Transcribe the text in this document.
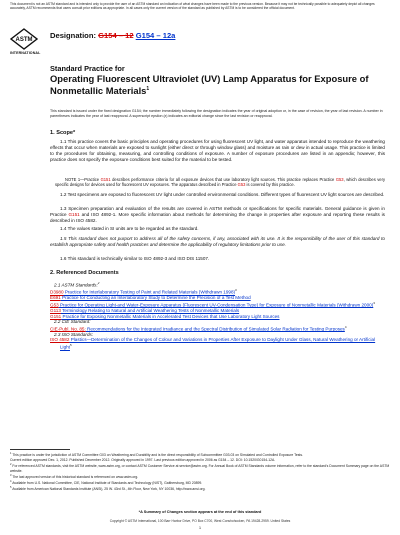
This document is not an ASTM standard and is intended only to provide the user of an ASTM standard an indication of what changes have been made to the previous version. Because it may not be technically possible to adequately depict all changes accurately, ASTM recommends that users consult prior editions as appropriate. In all cases only the current version of the standard as published by ASTM is to be considered the official document.
ASTM
INTERNATIONAL
Designation: G154 – 12 G154 – 12a
Standard Practice for
Operating Fluorescent Ultraviolet (UV) Lamp Apparatus for Exposure of Nonmetallic Materials$^1$
This standard is issued under the fixed designation G154; the number immediately following the designation indicates the year of original adoption or, in the case of revision, the year of last revision. A number in parentheses indicates the year of last reapproval. A superscript epsilon (ε) indicates an editorial change since the last revision or reapproval.
1. Scope*
1.1 This practice covers the basic principles and operating procedures for using fluorescent UV light, and water apparatus intended to reproduce the weathering effects that occur when materials are exposed to sunlight (either direct or through window glass) and moisture as rain or dew in actual usage. This practice is limited to the procedures for obtaining, measuring, and controlling conditions of exposure. A number of exposure procedures are listed in an appendix; however, this practice does not specify the exposure conditions best suited for the material to be tested.
NOTE 1—Practice G151 describes performance criteria for all exposure devices that use laboratory light sources. This practice replaces Practice G53, which describes very specific designs for devices used for fluorescent UV exposures. The apparatus described in Practice G53 is covered by this practice.
1.2 Test specimens are exposed to fluorescent UV light under controlled environmental conditions. Different types of fluorescent UV light sources are described.
1.3 Specimen preparation and evaluation of the results are covered in ASTM methods or specifications for specific materials. General guidance is given in Practice G151 and ISO 4892-1. More specific information about methods for determining the change in properties after exposure and reporting these results is described in ISO 4582.
1.4 The values stated in SI units are to be regarded as the standard.
1.5 This standard does not purport to address all of the safety concerns, if any, associated with its use. It is the responsibility of the user of this standard to establish appropriate safety and health practices and determine the applicability of regulatory limitations prior to use.
1.6 This standard is technically similar to ISO 4892-3 and ISO DIS 11507.
2. Referenced Documents
2.1 ASTM Standards:$^2$
D3980 Practice for Interlaboratory Testing of Paint and Related Materials (Withdrawn 1998)$^3$
E691 Practice for Conducting an Interlaboratory Study to Determine the Precision of a Test Method
G53 Practice for Operating Light-and Water-Exposure Apparatus (Fluorescent UV-Condensation Type) for Exposure of Nonmetallic Materials (Withdrawn 2000)$^3$
G113 Terminology Relating to Natural and Artificial Weathering Tests of Nonmetallic Materials
G151 Practice for Exposing Nonmetallic Materials in Accelerated Test Devices that Use Laboratory Light Sources
2.2 CIE Standard:
CIE-Publ. No. 85: Recommendations for the Integrated Irradiance and the Spectral Distribution of Simulated Solar Radiation for Testing Purposes$^4$
2.3 ISO Standards:
ISO 4582 Plastics—Determination of the Changes of Colour and Variations in Properties After Exposure to Daylight Under Glass, Natural Weathering or Artificial Light$^5$
$^1$ This practice is under the jurisdiction of ASTM Committee G03 on Weathering and Durability and is the direct responsibility of Subcommittee G03.03 on Simulated and Controlled Exposure Tests.
Current edition approved Dec. 1, 2012. Published December 2012. Originally approved in 1997. Last previous edition approved in 2006 as G154 – 12. DOI: 10.1520/G0154-12A.
$^2$ For referenced ASTM standards, visit the ASTM website, www.astm.org, or contact ASTM Customer Service at service@astm.org. For Annual Book of ASTM Standards volume information, refer to the standard's Document Summary page on the ASTM website.
$^3$ The last approved version of this historical standard is referenced on www.astm.org.
$^4$ Available from U.S. National Committee, CIE, National Institute of Standards and Technology (NIST), Gaithersburg, MD 20899.
$^5$ Available from American National Standards Institute (ANSI), 25 W. 43rd St., 4th Floor, New York, NY 10036, http://www.ansi.org.
*A Summary of Changes section appears at the end of this standard
Copyright © ASTM International, 100 Barr Harbor Drive, PO Box C700, West Conshohocken, PA 19428-2959. United States
1
